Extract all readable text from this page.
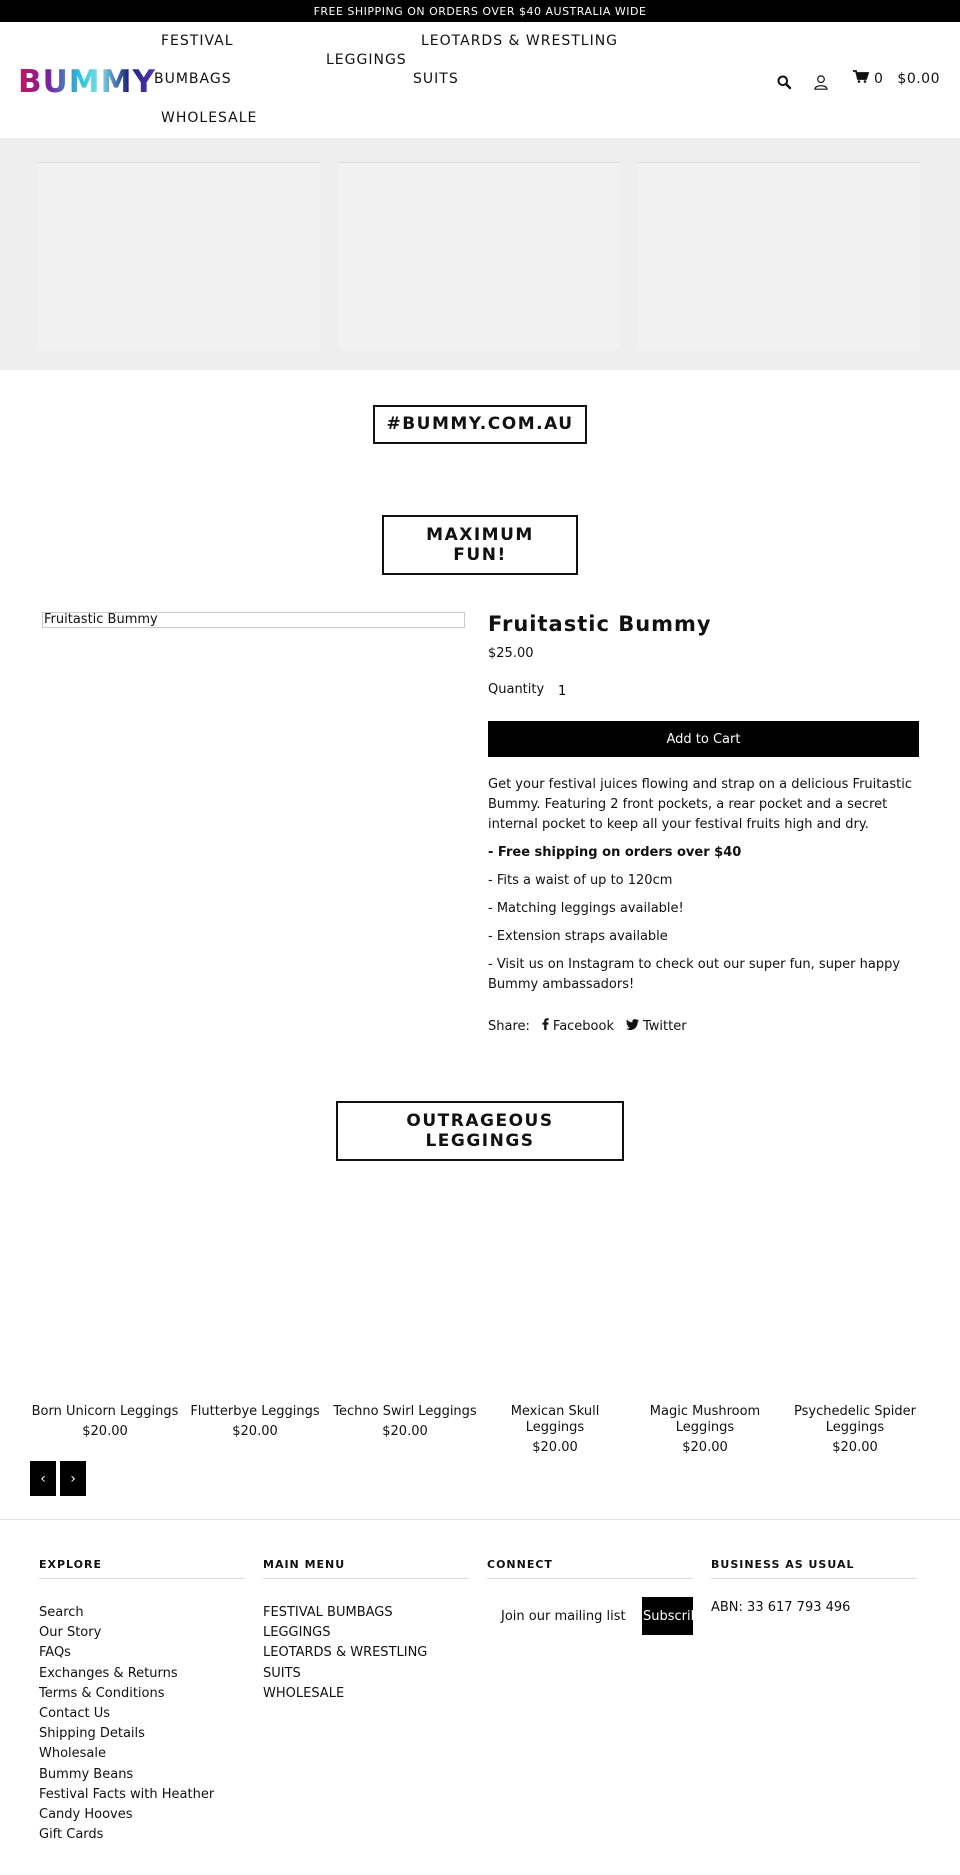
FREE SHIPPING ON ORDERS OVER $40 AUSTRALIA WIDE
BUMMY
FESTIVAL
BUMBAGS
WHOLESALE
LEGGINGS
LEOTARDS & WRESTLING
SUITS	0 $0.00
#BUMMY.COM.AU
MAXIMUM
FUN!
Fruitastic Bummy	Fruitastic Bummy
$25.00
Quantity
1
Add to Cart

Get your festival juices flowing and strap on a delicious Fruitastic Bummy. Featuring 2 front pockets, a rear pocket and a secret internal pocket to keep all your festival fruits high and dry.

- Free shipping on orders over $40

- Fits a waist of up to 120cm

- Matching leggings available!

- Extension straps available

- Visit us on Instagram to check out our super fun, super happy Bummy ambassadors!

Share: Facebook Twitter
OUTRAGEOUS
LEGGINGS
Born Unicorn Leggings
$20.00
Flutterbye Leggings
$20.00
Techno Swirl Leggings
$20.00
Mexican Skull Leggings
$20.00
Magic Mushroom Leggings
$20.00
Psychedelic Spider Leggings
$20.00
‹ ›
EXPLORE
Search
Our Story
FAQs
Exchanges & Returns
Terms & Conditions
Contact Us
Shipping Details
Wholesale
Bummy Beans
Festival Facts with Heather
Candy Hooves
Gift Cards
MAIN MENU
FESTIVAL BUMBAGS
LEGGINGS
LEOTARDS & WRESTLING SUITS
WHOLESALE
CONNECT
Join our mailing list Subscribe
BUSINESS AS USUAL
ABN: 33 617 793 496
